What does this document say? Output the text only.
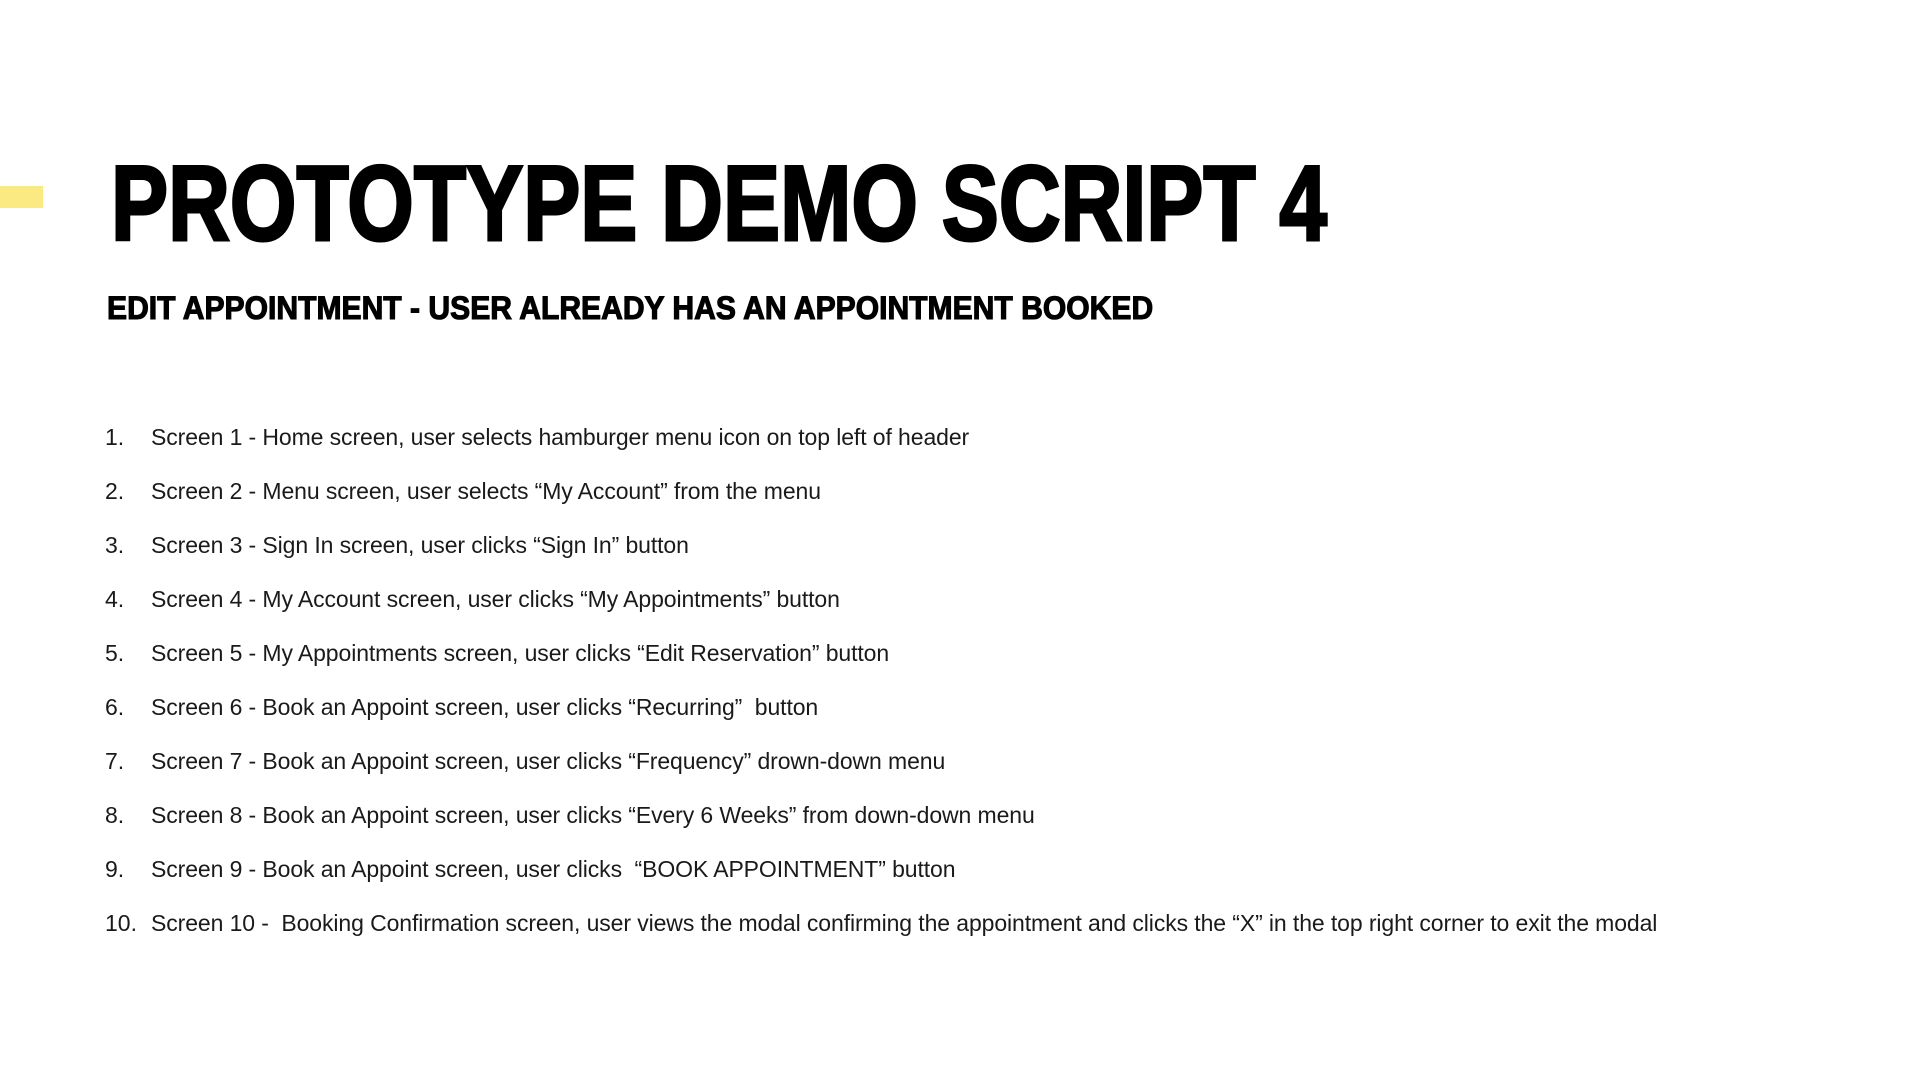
PROTOTYPE DEMO SCRIPT 4
EDIT APPOINTMENT - USER ALREADY HAS AN APPOINTMENT BOOKED
1.	Screen 1 - Home screen, user selects hamburger menu icon on top left of header
2.	Screen 2 - Menu screen, user selects “My Account” from the menu
3.	Screen 3 - Sign In screen, user clicks “Sign In” button
4.	Screen 4 - My Account screen, user clicks “My Appointments” button
5.	Screen 5 - My Appointments screen, user clicks “Edit Reservation” button
6.	Screen 6 - Book an Appoint screen, user clicks “Recurring”  button
7.	Screen 7 - Book an Appoint screen, user clicks “Frequency” drown-down menu
8.	Screen 8 - Book an Appoint screen, user clicks “Every 6 Weeks” from down-down menu
9.	Screen 9 - Book an Appoint screen, user clicks  “BOOK APPOINTMENT” button
10. Screen 10 -  Booking Confirmation screen, user views the modal confirming the appointment and clicks the “X” in the top right corner to exit the modal
